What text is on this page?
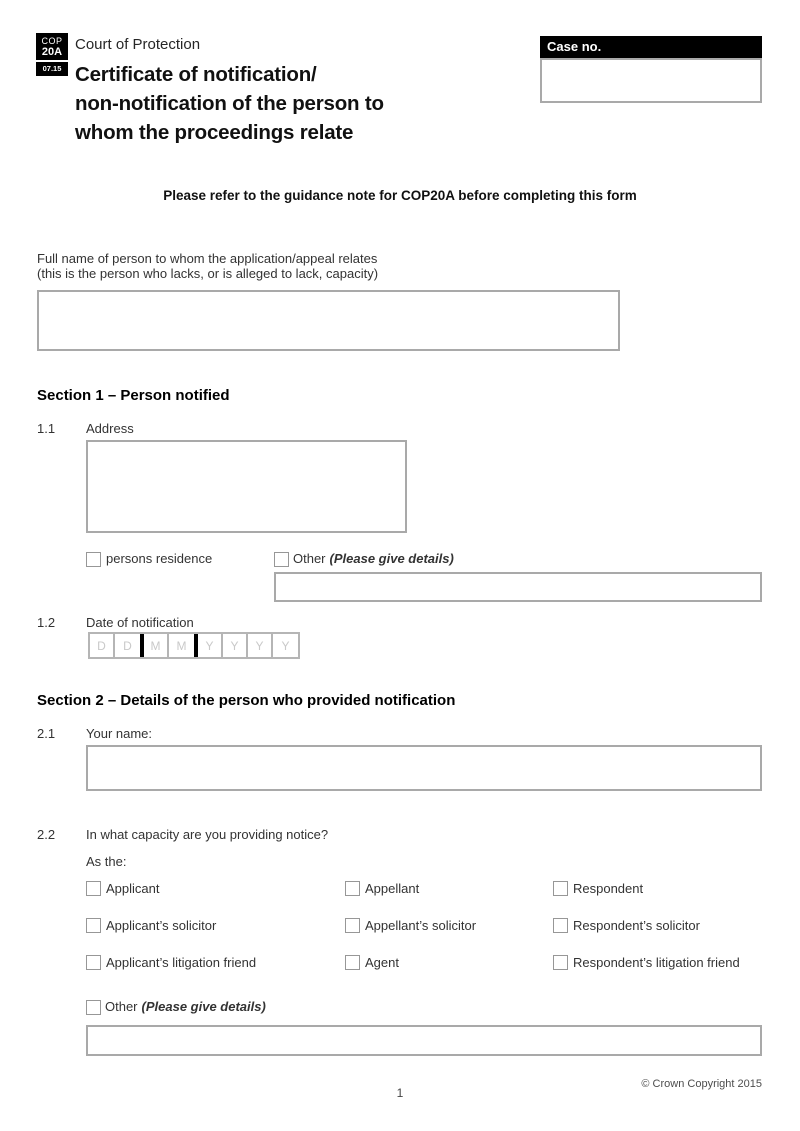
COP
20A
07.15
Court of Protection
Certificate of notification/
non-notification of the person to
whom the proceedings relate
Case no.
Please refer to the guidance note for COP20A before completing this form
Full name of person to whom the application/appeal relates
(this is the person who lacks, or is alleged to lack, capacity)
Section 1 – Person notified
1.1 Address
persons residence	Other (Please give details)
1.2 Date of notification
D	D	M	M	Y	Y	Y	Y
Section 2 – Details of the person who provided notification
2.1 Your name:
2.2 In what capacity are you providing notice?
As the:
Applicant	Appellant	Respondent
Applicant’s solicitor	Appellant’s solicitor	Respondent’s solicitor
Applicant’s litigation friend	Agent	Respondent’s litigation friend
Other (Please give details)
1
© Crown Copyright 2015
